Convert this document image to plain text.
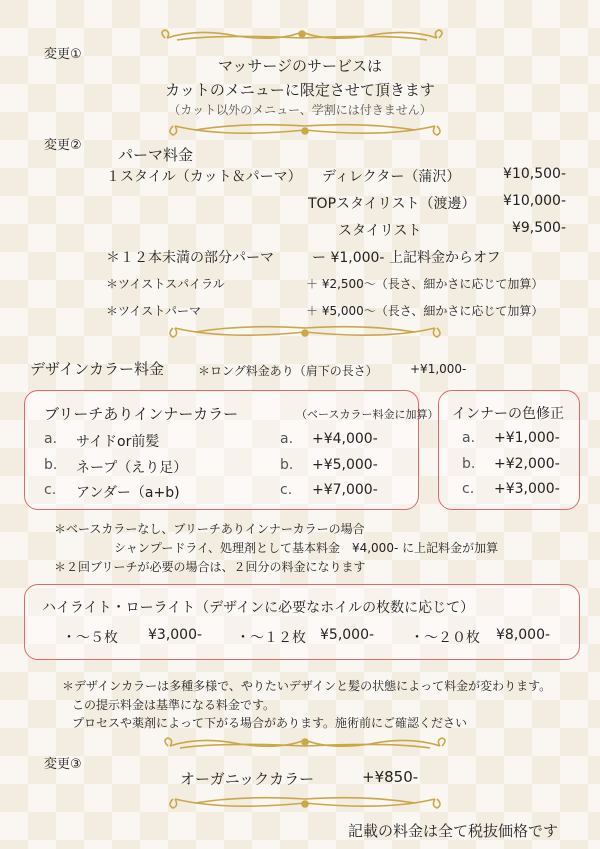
変更①
マッサージのサービスは
カットのメニューに限定させて頂きます
（カット以外のメニュー、学割には付きません）
変更②
パーマ料金
１スタイル（カット＆パーマ） ディレクター（蒲沢）	¥10,500-
TOPスタイリスト（渡邊）	¥10,000-
スタイリスト	¥9,500-
＊１２本未満の部分パーマ	ー ¥1,000- 上記料金からオフ
＊ツイストスパイラル	＋ ¥2,500～（長さ、細かさに応じて加算）
＊ツイストパーマ	＋ ¥5,000～（長さ、細かさに応じて加算）
デザインカラー料金	＊ロング料金あり（肩下の長さ）	+¥1,000-
ブリーチありインナーカラー	（ベースカラー料金に加算）
a. サイドor前髪	a. +¥4,000-
b. ネープ（えり足）	b. +¥5,000-
c. アンダー（a+b)	c. +¥7,000-
インナーの色修正
a. +¥1,000-
b. +¥2,000-
c. +¥3,000-
＊ベースカラーなし、ブリーチありインナーカラーの場合
シャンプードライ、処理剤として基本料金　¥4,000- に上記料金が加算
＊２回ブリーチが必要の場合は、２回分の料金になります
ハイライト・ローライト（デザインに必要なホイルの枚数に応じて）
・～５枚 ¥3,000- ・～１２枚 ¥5,000-	・～２０枚 ¥8,000-
＊デザインカラーは多種多様で、やりたいデザインと髪の状態によって料金が変わります。
この提示料金は基準になる料金です。
プロセスや薬剤によって下がる場合があります。施術前にご確認ください
変更③
オーガニックカラー	+¥850-
記載の料金は全て税抜価格です
